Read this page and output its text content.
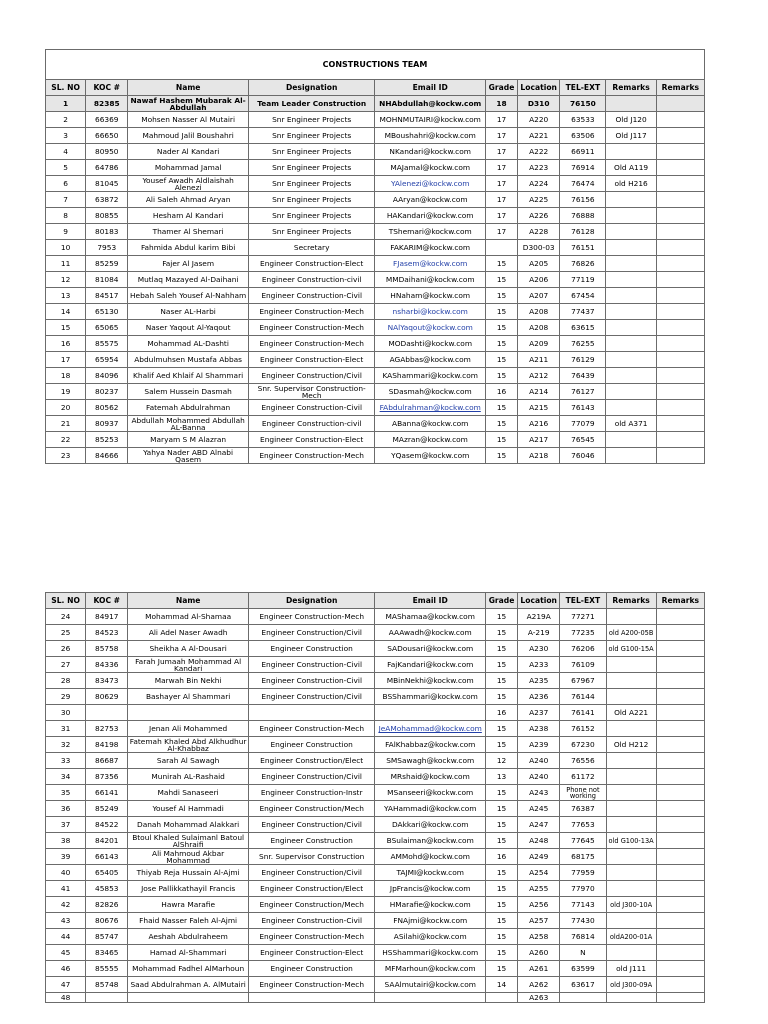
CONSTRUCTIONS TEAM									
SL. NO	KOC #	Name	Designation	Email ID	Grade	Location	TEL-EXT	Remarks	Remarks
1	82385	Nawaf Hashem Mubarak Al-Abdullah	Team Leader Construction	NHAbdullah@kockw.com	18	D310	76150		
2	66369	Mohsen Nasser Al Mutairi	Snr Engineer Projects	MOHNMUTAIRI@kockw.com	17	A220	63533	Old J120	
3	66650	Mahmoud Jalil Boushahri	Snr Engineer Projects	MBoushahri@kockw.com	17	A221	63506	Old J117	
4	80950	Nader Al Kandari	Snr Engineer Projects	NKandari@kockw.com	17	A222	66911		
5	64786	Mohammad Jamal	Snr Engineer Projects	MAJamal@kockw.com	17	A223	76914	Old A119	
6	81045	Yousef Awadh Aldlaishah Alenezi	Snr Engineer Projects	YAlenezi@kockw.com	17	A224	76474	old H216	
7	63872	Ali Saleh Ahmad Aryan	Snr Engineer Projects	AAryan@kockw.com	17	A225	76156		
8	80855	Hesham Al Kandari	Snr Engineer Projects	HAKandari@kockw.com	17	A226	76888		
9	80183	Thamer Al Shemari	Snr Engineer Projects	TShemari@kockw.com	17	A228	76128		
10	7953	Fahmida Abdul karim Bibi	Secretary	FAKARIM@kockw.com		D300-03	76151		
11	85259	Fajer Al Jasem	Engineer Construction-Elect	FJasem@kockw.com	15	A205	76826		
12	81084	Mutlaq Mazayed Al-Daihani	Engineer Construction-civil	MMDaihani@kockw.com	15	A206	77119		
13	84517	Hebah Saleh Yousef Al-Nahham	Engineer Construction-Civil	HNaham@kockw.com	15	A207	67454		
14	65130	Naser AL-Harbi	Engineer Construction-Mech	nsharbi@kockw.com	15	A208	77437		
15	65065	Naser Yaqout Al-Yaqout	Engineer Construction-Mech	NAlYaqout@kockw.com	15	A208	63615		
16	85575	Mohammad AL-Dashti	Engineer Construction-Mech	MODashti@kockw.com	15	A209	76255		
17	65954	Abdulmuhsen Mustafa Abbas	Engineer Construction-Elect	AGAbbas@kockw.com	15	A211	76129		
18	84096	Khalif Aed Khlaif Al Shammari	Engineer Construction/Civil	KAShammari@kockw.com	15	A212	76439		
19	80237	Salem Hussein Dasmah	Snr. Supervisor Construction-Mech	SDasmah@kockw.com	16	A214	76127		
20	80562	Fatemah Abdulrahman	Engineer Construction-Civil	FAbdulrahman@kockw.com	15	A215	76143		
21	80937	Abdullah Mohammed Abdullah AL-Banna	Engineer Construction-civil	ABanna@kockw.com	15	A216	77079	old A371	
22	85253	Maryam S M Alazran	Engineer Construction-Elect	MAzran@kockw.com	15	A217	76545		
23	84666	Yahya Nader ABD Alnabi Qasem	Engineer Construction-Mech	YQasem@kockw.com	15	A218	76046		
SL. NO	KOC #	Name	Designation	Email ID	Grade	Location	TEL-EXT	Remarks	Remarks
24	84917	Mohammad Al-Shamaa	Engineer Construction-Mech	MAShamaa@kockw.com	15	A219A	77271		
25	84523	Ali Adel Naser Awadh	Engineer Construction/Civil	AAAwadh@kockw.com	15	A-219	77235	old A200-05B	
26	85758	Sheikha A Al-Dousari	Engineer Construction	SADousari@kockw.com	15	A230	76206	old G100-15A	
27	84336	Farah Jumaah Mohammad Al Kandari	Engineer Construction-Civil	FajKandari@kockw.com	15	A233	76109		
28	83473	Marwah Bin Nekhi	Engineer Construction-Civil	MBinNekhi@kockw.com	15	A235	67967		
29	80629	Bashayer Al Shammari	Engineer Construction/Civil	BSShammari@kockw.com	15	A236	76144		
30					16	A237	76141	Old A221	
31	82753	Jenan Ali Mohammed	Engineer Construction-Mech	JeAMohammad@kockw.com	15	A238	76152		
32	84198	Fatemah Khaled Abd Alkhudhur Al-Khabbaz	Engineer Construction	FAlKhabbaz@kockw.com	15	A239	67230	Old H212	
33	86687	Sarah Al Sawagh	Engineer Construction/Elect	SMSawagh@kockw.com	12	A240	76556		
34	87356	Munirah AL-Rashaid	Engineer Construction/Civil	MRshaid@kockw.com	13	A240	61172		
35	66141	Mahdi Sanaseeri	Engineer Construction-Instr	MSanseeri@kockw.com	15	A243	Phone not working		
36	85249	Yousef Al Hammadi	Engineer Construction/Mech	YAHammadi@kockw.com	15	A245	76387		
37	84522	Danah Mohammad Alakkari	Engineer Construction/Civil	DAkkari@kockw.com	15	A247	77653		
38	84201	Btoul Khaled Sulaimanl Batoul AlShraifi	Engineer Construction	BSulaiman@kockw.com	15	A248	77645	old G100-13A	
39	66143	Ali Mahmoud Akbar Mohammad	Snr. Supervisor Construction	AMMohd@kockw.com	16	A249	68175		
40	65405	Thiyab Reja Hussain Al-Ajmi	Engineer Construction/Civil	TAJMI@kockw.com	15	A254	77959		
41	45853	Jose Pallikkathayil Francis	Engineer Construction/Elect	JpFrancis@kockw.com	15	A255	77970		
42	82826	Hawra Marafie	Engineer Construction/Mech	HMarafie@kockw.com	15	A256	77143	old J300-10A	
43	80676	Fhaid Nasser Faleh Al-Ajmi	Engineer Construction-Civil	FNAjmi@kockw.com	15	A257	77430		
44	85747	Aeshah Abdulraheem	Engineer Construction-Mech	ASilahi@kockw.com	15	A258	76814	oldA200-01A	
45	83465	Hamad Al-Shammari	Engineer Construction-Elect	HSShammari@kockw.com	15	A260	N		
46	85555	Mohammad Fadhel AlMarhoun	Engineer Construction	MFMarhoun@kockw.com	15	A261	63599	old J111	
47	85748	Saad Abdulrahman A. AlMutairi	Engineer Construction-Mech	SAAlmutairi@kockw.com	14	A262	63617	old J300-09A	
48						A263			
